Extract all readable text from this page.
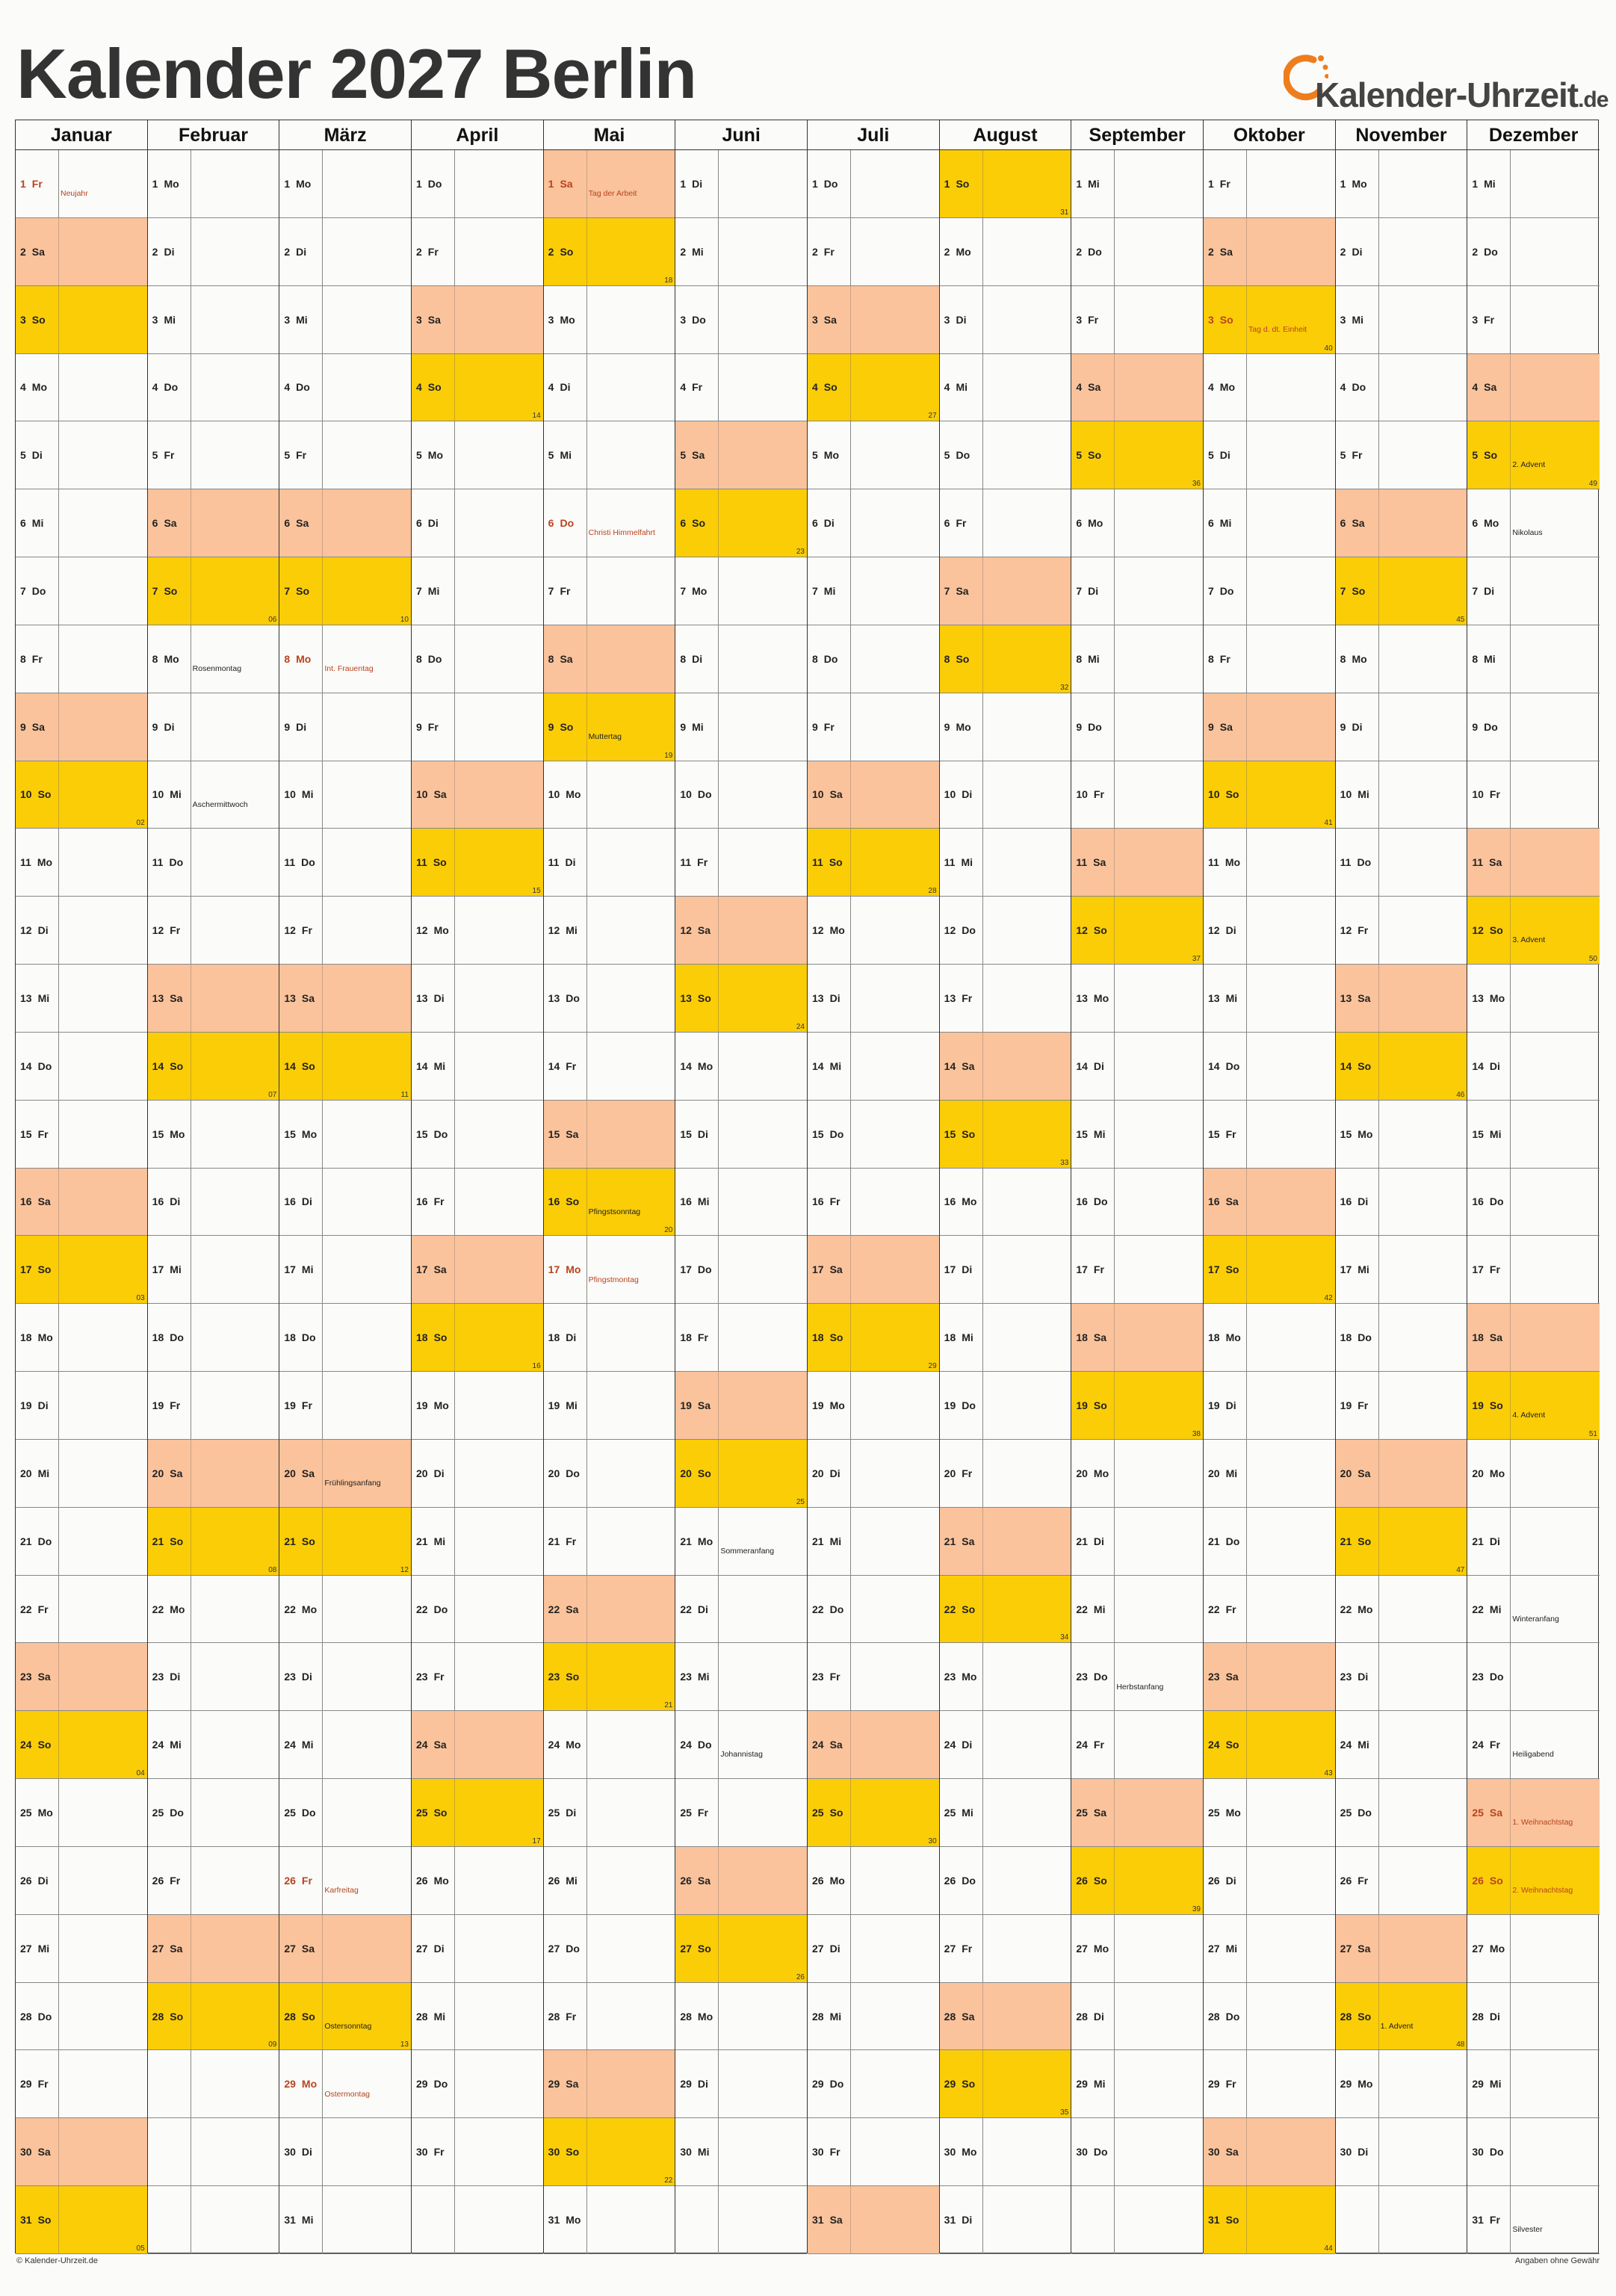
Kalender 2027 Berlin	Kalender-Uhrzeit.de
Januar
1 Fr
Neujahr
2 Sa
3 So
4 Mo
5 Di
6 Mi
7 Do
8 Fr
9 Sa
10 So
02
11 Mo
12 Di
13 Mi
14 Do
15 Fr
16 Sa
17 So
03
18 Mo
19 Di
20 Mi
21 Do
22 Fr
23 Sa
24 So
04
25 Mo
26 Di
27 Mi
28 Do
29 Fr
30 Sa
31 So
05
Februar
1 Mo
2 Di
3 Mi
4 Do
5 Fr
6 Sa
7 So
06
8 Mo
Rosenmontag
9 Di
10 Mi
Aschermittwoch
11 Do
12 Fr
13 Sa
14 So
07
15 Mo
16 Di
17 Mi
18 Do
19 Fr
20 Sa
21 So
08
22 Mo
23 Di
24 Mi
25 Do
26 Fr
27 Sa
28 So
09
März
1 Mo
2 Di
3 Mi
4 Do
5 Fr
6 Sa
7 So
10
8 Mo
Int. Frauentag
9 Di
10 Mi
11 Do
12 Fr
13 Sa
14 So
11
15 Mo
16 Di
17 Mi
18 Do
19 Fr
20 Sa
Frühlingsanfang
21 So
12
22 Mo
23 Di
24 Mi
25 Do
26 Fr
Karfreitag
27 Sa
28 So
Ostersonntag
13
29 Mo
Ostermontag
30 Di
31 Mi
April
1 Do
2 Fr
3 Sa
4 So
14
5 Mo
6 Di
7 Mi
8 Do
9 Fr
10 Sa
11 So
15
12 Mo
13 Di
14 Mi
15 Do
16 Fr
17 Sa
18 So
16
19 Mo
20 Di
21 Mi
22 Do
23 Fr
24 Sa
25 So
17
26 Mo
27 Di
28 Mi
29 Do
30 Fr
Mai
1 Sa
Tag der Arbeit
2 So
18
3 Mo
4 Di
5 Mi
6 Do
Christi Himmelfahrt
7 Fr
8 Sa
9 So
Muttertag
19
10 Mo
11 Di
12 Mi
13 Do
14 Fr
15 Sa
16 So
Pfingstsonntag
20
17 Mo
Pfingstmontag
18 Di
19 Mi
20 Do
21 Fr
22 Sa
23 So
21
24 Mo
25 Di
26 Mi
27 Do
28 Fr
29 Sa
30 So
22
31 Mo
Juni
1 Di
2 Mi
3 Do
4 Fr
5 Sa
6 So
23
7 Mo
8 Di
9 Mi
10 Do
11 Fr
12 Sa
13 So
24
14 Mo
15 Di
16 Mi
17 Do
18 Fr
19 Sa
20 So
25
21 Mo
Sommeranfang
22 Di
23 Mi
24 Do
Johannistag
25 Fr
26 Sa
27 So
26
28 Mo
29 Di
30 Mi
Juli
1 Do
2 Fr
3 Sa
4 So
27
5 Mo
6 Di
7 Mi
8 Do
9 Fr
10 Sa
11 So
28
12 Mo
13 Di
14 Mi
15 Do
16 Fr
17 Sa
18 So
29
19 Mo
20 Di
21 Mi
22 Do
23 Fr
24 Sa
25 So
30
26 Mo
27 Di
28 Mi
29 Do
30 Fr
31 Sa
August
1 So
31
2 Mo
3 Di
4 Mi
5 Do
6 Fr
7 Sa
8 So
32
9 Mo
10 Di
11 Mi
12 Do
13 Fr
14 Sa
15 So
33
16 Mo
17 Di
18 Mi
19 Do
20 Fr
21 Sa
22 So
34
23 Mo
24 Di
25 Mi
26 Do
27 Fr
28 Sa
29 So
35
30 Mo
31 Di
September
1 Mi
2 Do
3 Fr
4 Sa
5 So
36
6 Mo
7 Di
8 Mi
9 Do
10 Fr
11 Sa
12 So
37
13 Mo
14 Di
15 Mi
16 Do
17 Fr
18 Sa
19 So
38
20 Mo
21 Di
22 Mi
23 Do
Herbstanfang
24 Fr
25 Sa
26 So
39
27 Mo
28 Di
29 Mi
30 Do
Oktober
1 Fr
2 Sa
3 So
Tag d. dt. Einheit
40
4 Mo
5 Di
6 Mi
7 Do
8 Fr
9 Sa
10 So
41
11 Mo
12 Di
13 Mi
14 Do
15 Fr
16 Sa
17 So
42
18 Mo
19 Di
20 Mi
21 Do
22 Fr
23 Sa
24 So
43
25 Mo
26 Di
27 Mi
28 Do
29 Fr
30 Sa
31 So
44
November
1 Mo
2 Di
3 Mi
4 Do
5 Fr
6 Sa
7 So
45
8 Mo
9 Di
10 Mi
11 Do
12 Fr
13 Sa
14 So
46
15 Mo
16 Di
17 Mi
18 Do
19 Fr
20 Sa
21 So
47
22 Mo
23 Di
24 Mi
25 Do
26 Fr
27 Sa
28 So
1. Advent
48
29 Mo
30 Di
Dezember
1 Mi
2 Do
3 Fr
4 Sa
5 So
2. Advent
49
6 Mo
Nikolaus
7 Di
8 Mi
9 Do
10 Fr
11 Sa
12 So
3. Advent
50
13 Mo
14 Di
15 Mi
16 Do
17 Fr
18 Sa
19 So
4. Advent
51
20 Mo
21 Di
22 Mi
Winteranfang
23 Do
24 Fr
Heiligabend
25 Sa
1. Weihnachtstag
26 So
2. Weihnachtstag
27 Mo
28 Di
29 Mi
30 Do
31 Fr
Silvester
© Kalender-Uhrzeit.de	Angaben ohne Gewähr
